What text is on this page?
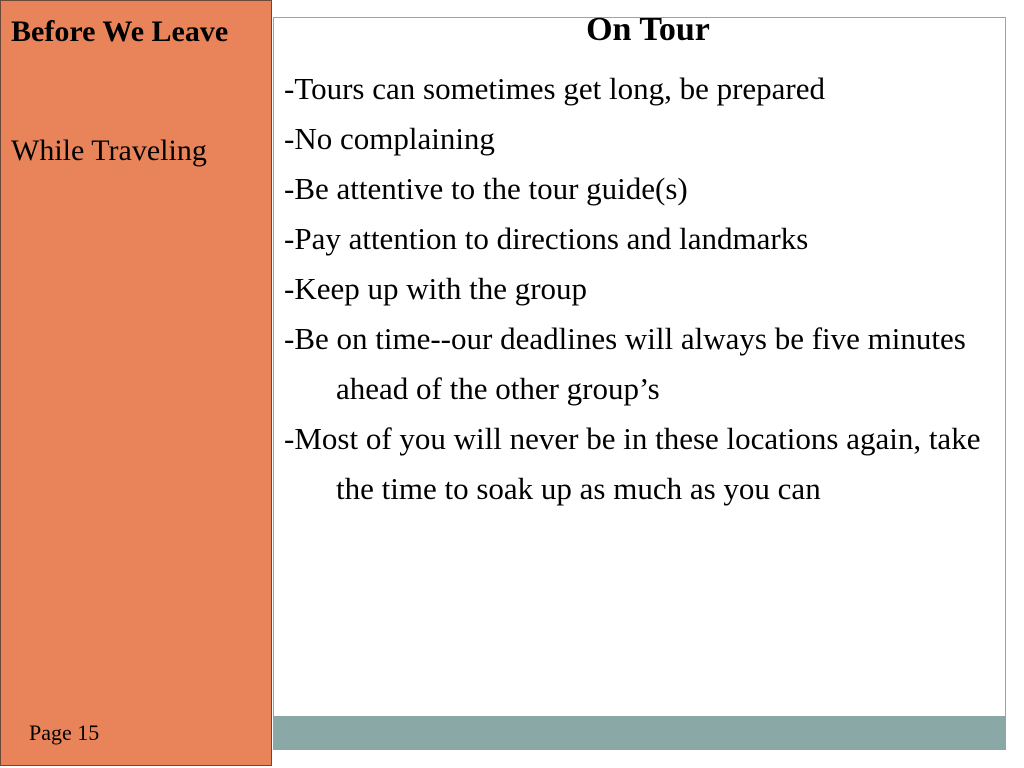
Before We Leave
While Traveling
Page 15
On Tour
-Tours can sometimes get long, be prepared
-No complaining
-Be attentive to the tour guide(s)
-Pay attention to directions and landmarks
-Keep up with the group
-Be on time--our deadlines will always be five minutes ahead of the other group’s
-Most of you will never be in these locations again, take the time to soak up as much as you can
